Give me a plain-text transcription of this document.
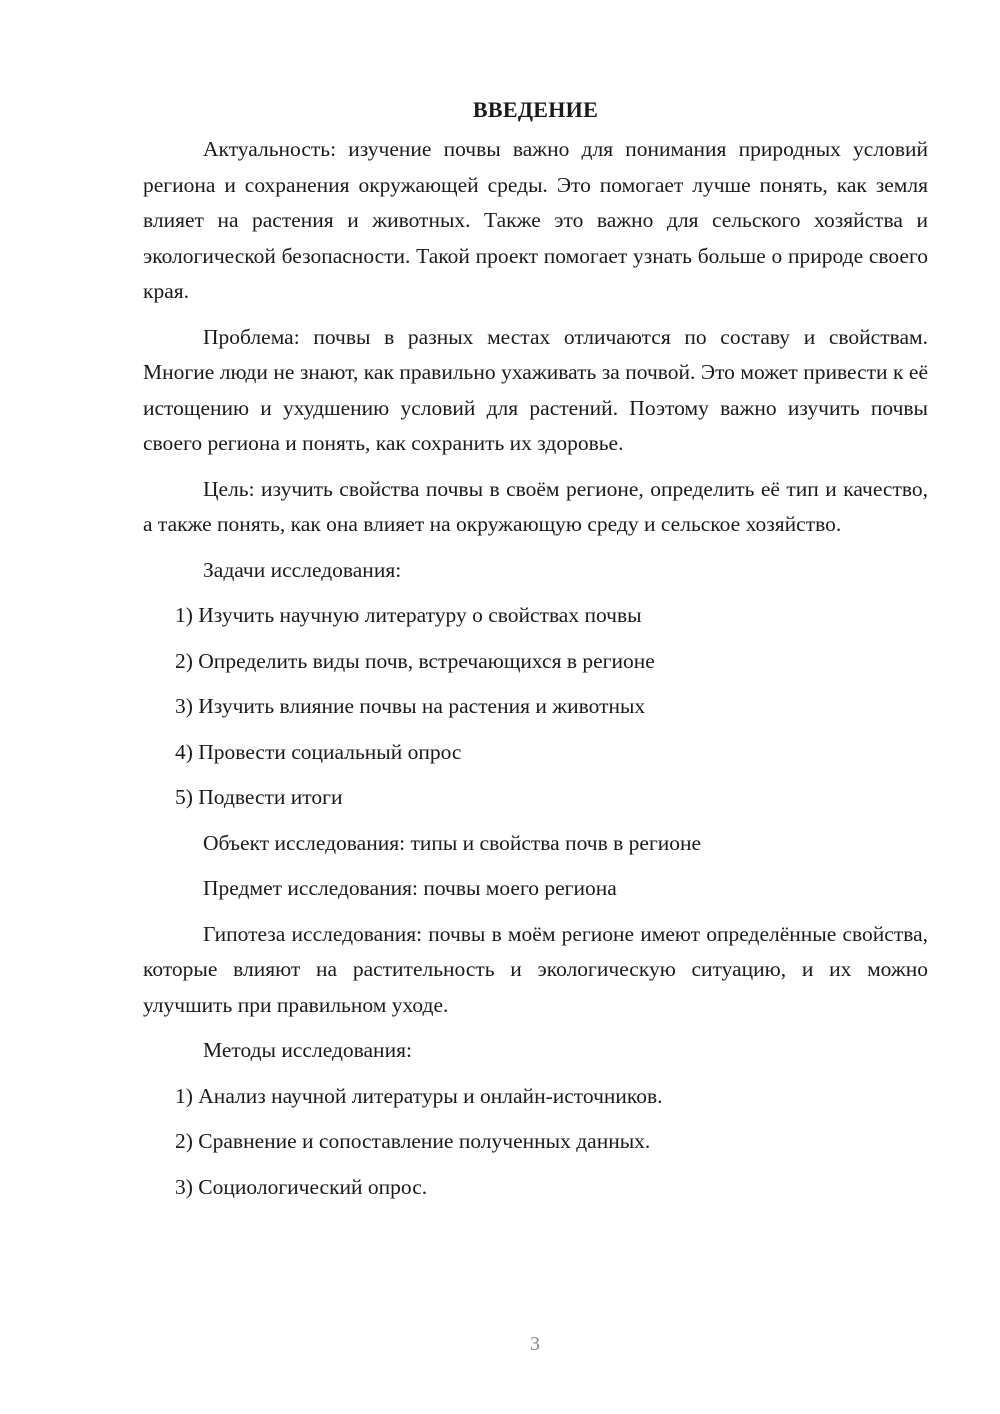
ВВЕДЕНИЕ

Актуальность: изучение почвы важно для понимания природных условий региона и сохранения окружающей среды. Это помогает лучше понять, как земля влияет на растения и животных. Также это важно для сельского хозяйства и экологической безопасности. Такой проект помогает узнать больше о природе своего края.

Проблема: почвы в разных местах отличаются по составу и свойствам. Многие люди не знают, как правильно ухаживать за почвой. Это может привести к её истощению и ухудшению условий для растений. Поэтому важно изучить почвы своего региона и понять, как сохранить их здоровье.

Цель: изучить свойства почвы в своём регионе, определить её тип и качество, а также понять, как она влияет на окружающую среду и сельское хозяйство.

Задачи исследования:
1) Изучить научную литературу о свойствах почвы
2) Определить виды почв, встречающихся в регионе
3) Изучить влияние почвы на растения и животных
4) Провести социальный опрос
5) Подвести итоги
Объект исследования: типы и свойства почв в регионе
Предмет исследования: почвы моего региона

Гипотеза исследования: почвы в моём регионе имеют определённые свойства, которые влияют на растительность и экологическую ситуацию, и их можно улучшить при правильном уходе.

Методы исследования:
1) Анализ научной литературы и онлайн-источников.
2) Сравнение и сопоставление полученных данных.
3) Социологический опрос.
3
